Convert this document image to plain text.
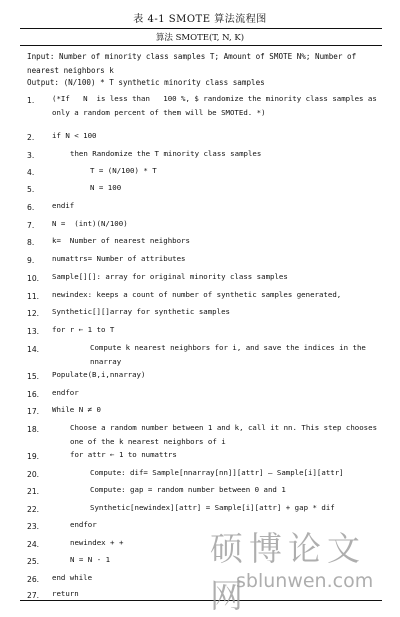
表 4-1 SMOTE 算法流程图
算法 SMOTE(T, N, K)
Input: Number of minority class samples T; Amount of SMOTE N%; Number of nearest neighbors k
Output: (N/100) * T synthetic minority class samples
1.	(*If   N  is less than   100 %, $ randomize the minority class samples as only a random percent of them will be SMOTEd. *)
2.	if N < 100
3.	then Randomize the T minority class samples
4.	T = (N/100) * T
5.	N = 100
6.	endif
7.	N =  (int)(N/100)
8.	k=  Number of nearest neighbors
9.	numattrs= Number of attributes
10.	Sample[][]: array for original minority class samples
11.	newindex: keeps a count of number of synthetic samples generated,
12.	Synthetic[][]array for synthetic samples
13.	for r ← 1 to T
14.	Compute k nearest neighbors for i, and save the indices in the nnarray
15.	Populate(B,i,nnarray)
16.	endfor
17.	While N ≠ 0
18.	Choose a random number between 1 and k, call it nn. This step chooses one of the k nearest neighbors of i
19.	for attr ← 1 to numattrs
20.	Compute: dif= Sample[nnarray[nn]][attr] – Sample[i][attr]
21.	Compute: gap = random number between 0 and 1
22.	Synthetic[newindex][attr] = Sample[i][attr] + gap * dif
23.	endfor
24.	newindex + +
25.	N = N - 1
26.	end while
27.	return
硕博论文网
sblunwen.com
